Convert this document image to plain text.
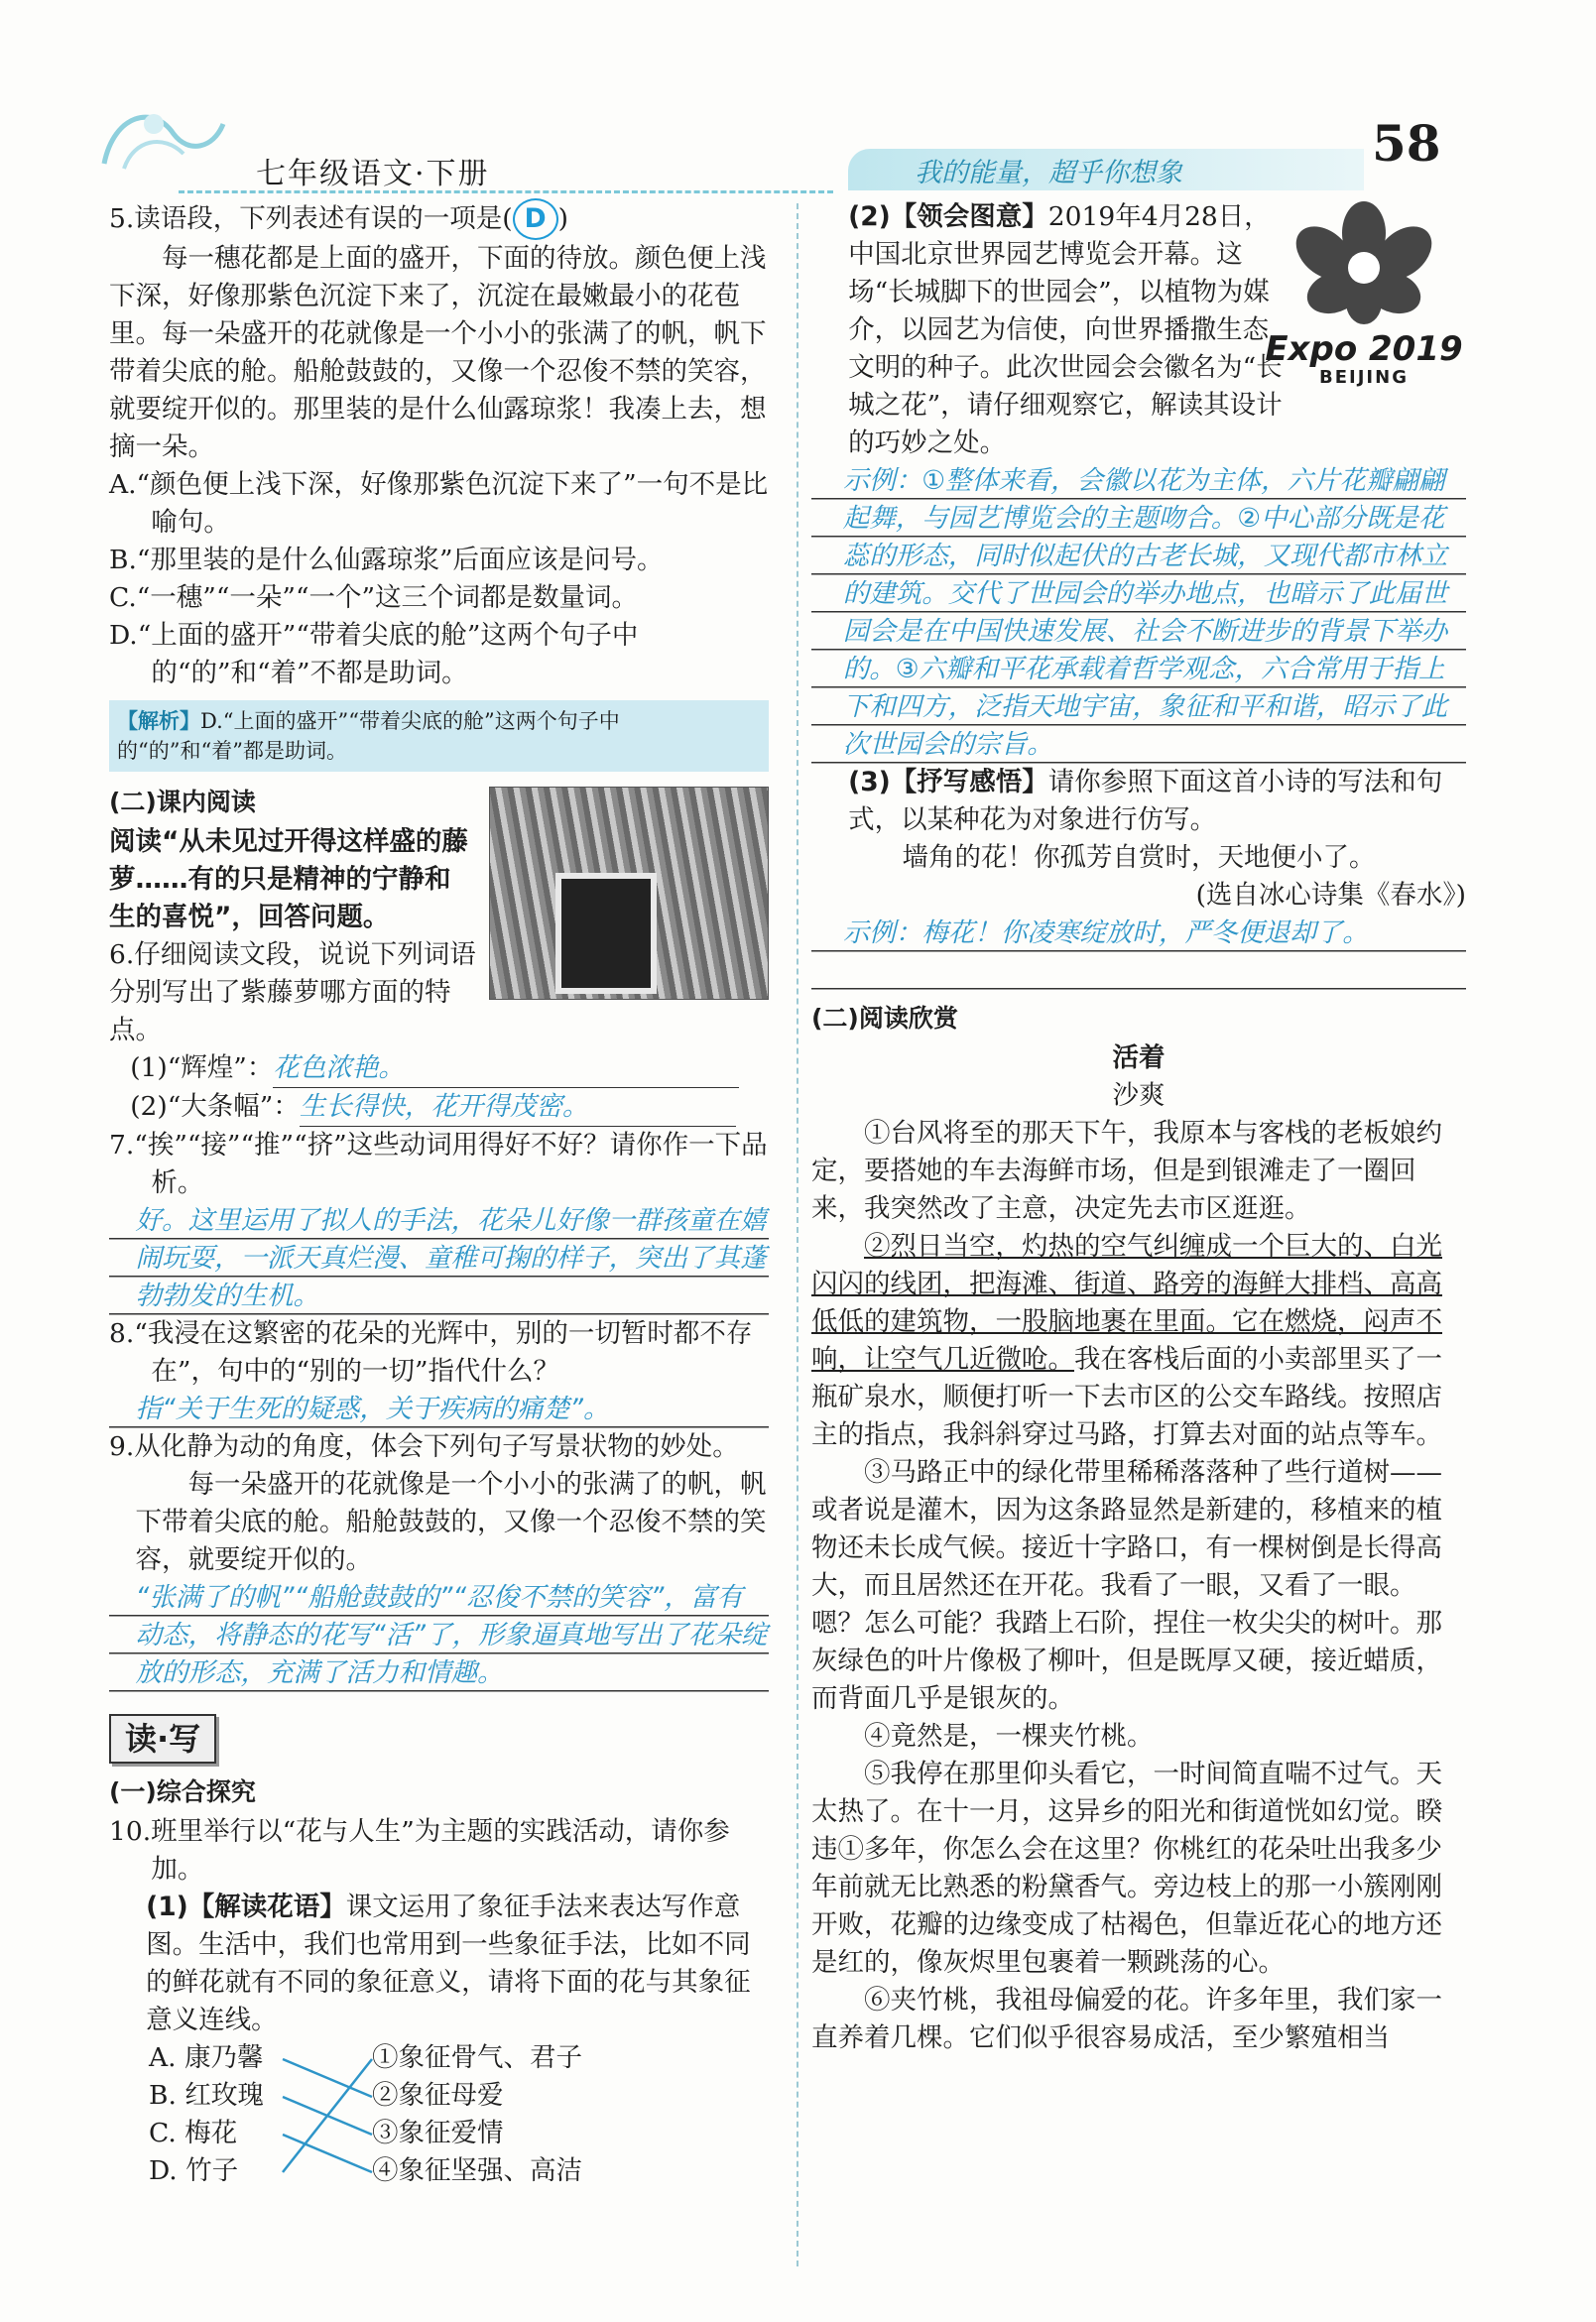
七年级语文·下册	我的能量，超乎你想象
58

5.读语段，下列表述有误的一项是( D )

每一穗花都是上面的盛开，下面的待放。颜色便上浅下深，好像那紫色沉淀下来了，沉淀在最嫩最小的花苞里。每一朵盛开的花就像是一个小小的张满了的帆，帆下带着尖底的舱。船舱鼓鼓的，又像一个忍俊不禁的笑容，就要绽开似的。那里装的是什么仙露琼浆！我凑上去，想摘一朵。

A.“颜色便上浅下深，好像那紫色沉淀下来了”一句不是比喻句。

B.“那里装的是什么仙露琼浆”后面应该是问号。

C.“一穗”“一朵”“一个”这三个词都是数量词。

D.“上面的盛开”“带着尖底的舱”这两个句子中的“的”和“着”不都是助词。

【解析】D.“上面的盛开”“带着尖底的舱”这两个句子中的“的”和“着”都是助词。
(二)课内阅读

阅读“从未见过开得这样盛的藤萝……有的只是精神的宁静和生的喜悦”，回答问题。

6.仔细阅读文段，说说下列词语分别写出了紫藤萝哪方面的特点。

(1)“辉煌”：花色浓艳。

(2)“大条幅”：生长得快，花开得茂密。

7.“挨”“接”“推”“挤”这些动词用得好不好？请你作一下品析。

好。这里运用了拟人的手法，花朵儿好像一群孩童在嬉闹玩耍，一派天真烂漫、童稚可掬的样子，突出了其蓬勃勃发的生机。

8.“我浸在这繁密的花朵的光辉中，别的一切暂时都不存在”，句中的“别的一切”指代什么？

指“关于生死的疑惑，关于疾病的痛楚”。

9.从化静为动的角度，体会下列句子写景状物的妙处。

每一朵盛开的花就像是一个小小的张满了的帆，帆下带着尖底的舱。船舱鼓鼓的，又像一个忍俊不禁的笑容，就要绽开似的。

“张满了的帆”“船舱鼓鼓的”“忍俊不禁的笑容”，富有动态，将静态的花写“活”了，形象逼真地写出了花朵绽放的形态，充满了活力和情趣。

读·写
(一)综合探究

10.班里举行以“花与人生”为主题的实践活动，请你参加。

(1)【解读花语】课文运用了象征手法来表达写作意图。生活中，我们也常用到一些象征手法，比如不同的鲜花就有不同的象征意义，请将下面的花与其象征意义连线。

A. 康乃馨	①象征骨气、君子
B. 红玫瑰	②象征母爱
C. 梅花	③象征爱情
D. 竹子	④象征坚强、高洁

(2)【领会图意】2019年4月28日，中国北京世界园艺博览会开幕。这场“长城脚下的世园会”，以植物为媒介，以园艺为信使，向世界播撒生态文明的种子。此次世园会会徽名为“长城之花”，请仔细观察它，解读其设计的巧妙之处。

示例：①整体来看，会徽以花为主体，六片花瓣翩翩起舞，与园艺博览会的主题吻合。②中心部分既是花蕊的形态，同时似起伏的古老长城，又现代都市林立的建筑。交代了世园会的举办地点，也暗示了此届世园会是在中国快速发展、社会不断进步的背景下举办的。③六瓣和平花承载着哲学观念，六合常用于指上下和四方，泛指天地宇宙，象征和平和谐，昭示了此次世园会的宗旨。

(3)【抒写感悟】请你参照下面这首小诗的写法和句式，以某种花为对象进行仿写。

墙角的花！你孤芳自赏时，天地便小了。

(选自冰心诗集《春水》)

示例：梅花！你凌寒绽放时，严冬便退却了。

(二)阅读欣赏

活着

沙爽

①台风将至的那天下午，我原本与客栈的老板娘约定，要搭她的车去海鲜市场，但是到银滩走了一圈回来，我突然改了主意，决定先去市区逛逛。

②烈日当空，灼热的空气纠缠成一个巨大的、白光闪闪的线团，把海滩、街道、路旁的海鲜大排档、高高低低的建筑物，一股脑地裹在里面。它在燃烧，闷声不响，让空气几近微呛。我在客栈后面的小卖部里买了一瓶矿泉水，顺便打听一下去市区的公交车路线。按照店主的指点，我斜斜穿过马路，打算去对面的站点等车。

③马路正中的绿化带里稀稀落落种了些行道树——或者说是灌木，因为这条路显然是新建的，移植来的植物还未长成气候。接近十字路口，有一棵树倒是长得高大，而且居然还在开花。我看了一眼，又看了一眼。嗯？怎么可能？我踏上石阶，捏住一枚尖尖的树叶。那灰绿色的叶片像极了柳叶，但是既厚又硬，接近蜡质，而背面几乎是银灰的。

④竟然是，一棵夹竹桃。

⑤我停在那里仰头看它，一时间简直喘不过气。天太热了。在十一月，这异乡的阳光和街道恍如幻觉。睽违①多年，你怎么会在这里？你桃红的花朵吐出我多少年前就无比熟悉的粉黛香气。旁边枝上的那一小簇刚刚开败，花瓣的边缘变成了枯褐色，但靠近花心的地方还是红的，像灰烬里包裹着一颗跳荡的心。

⑥夹竹桃，我祖母偏爱的花。许多年里，我们家一直养着几棵。它们似乎很容易成活，至少繁殖相当

Expo 2019
BEIJING
